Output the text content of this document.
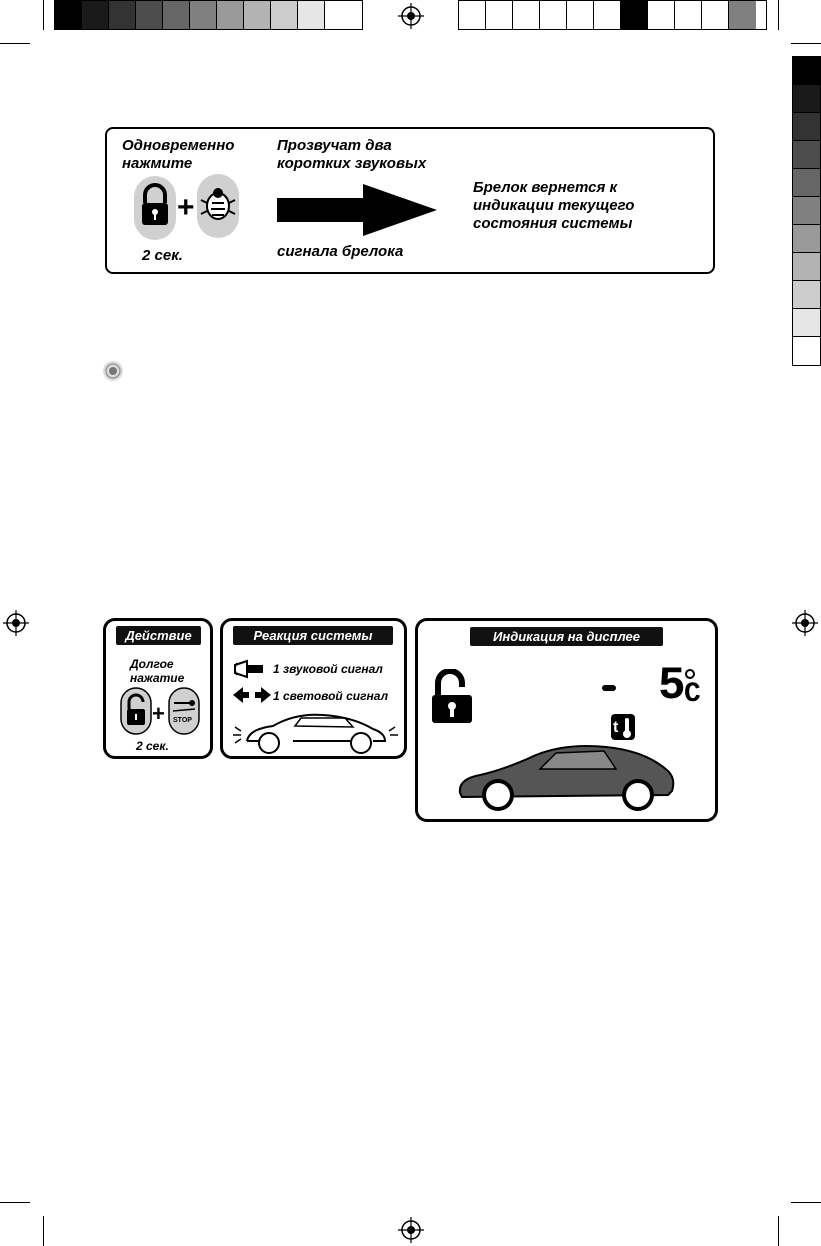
Одновременно нажмите
+
2 сек.
Прозвучат два коротких звуковых
сигнала брелока
Брелок вернется к индикации текущего состояния системы
Действие
Долгое нажатие
+ STOP
2 сек.
Реакция системы
1 звуковой сигнал
1 световой сигнал
Индикация на дисплее
5
C
t
